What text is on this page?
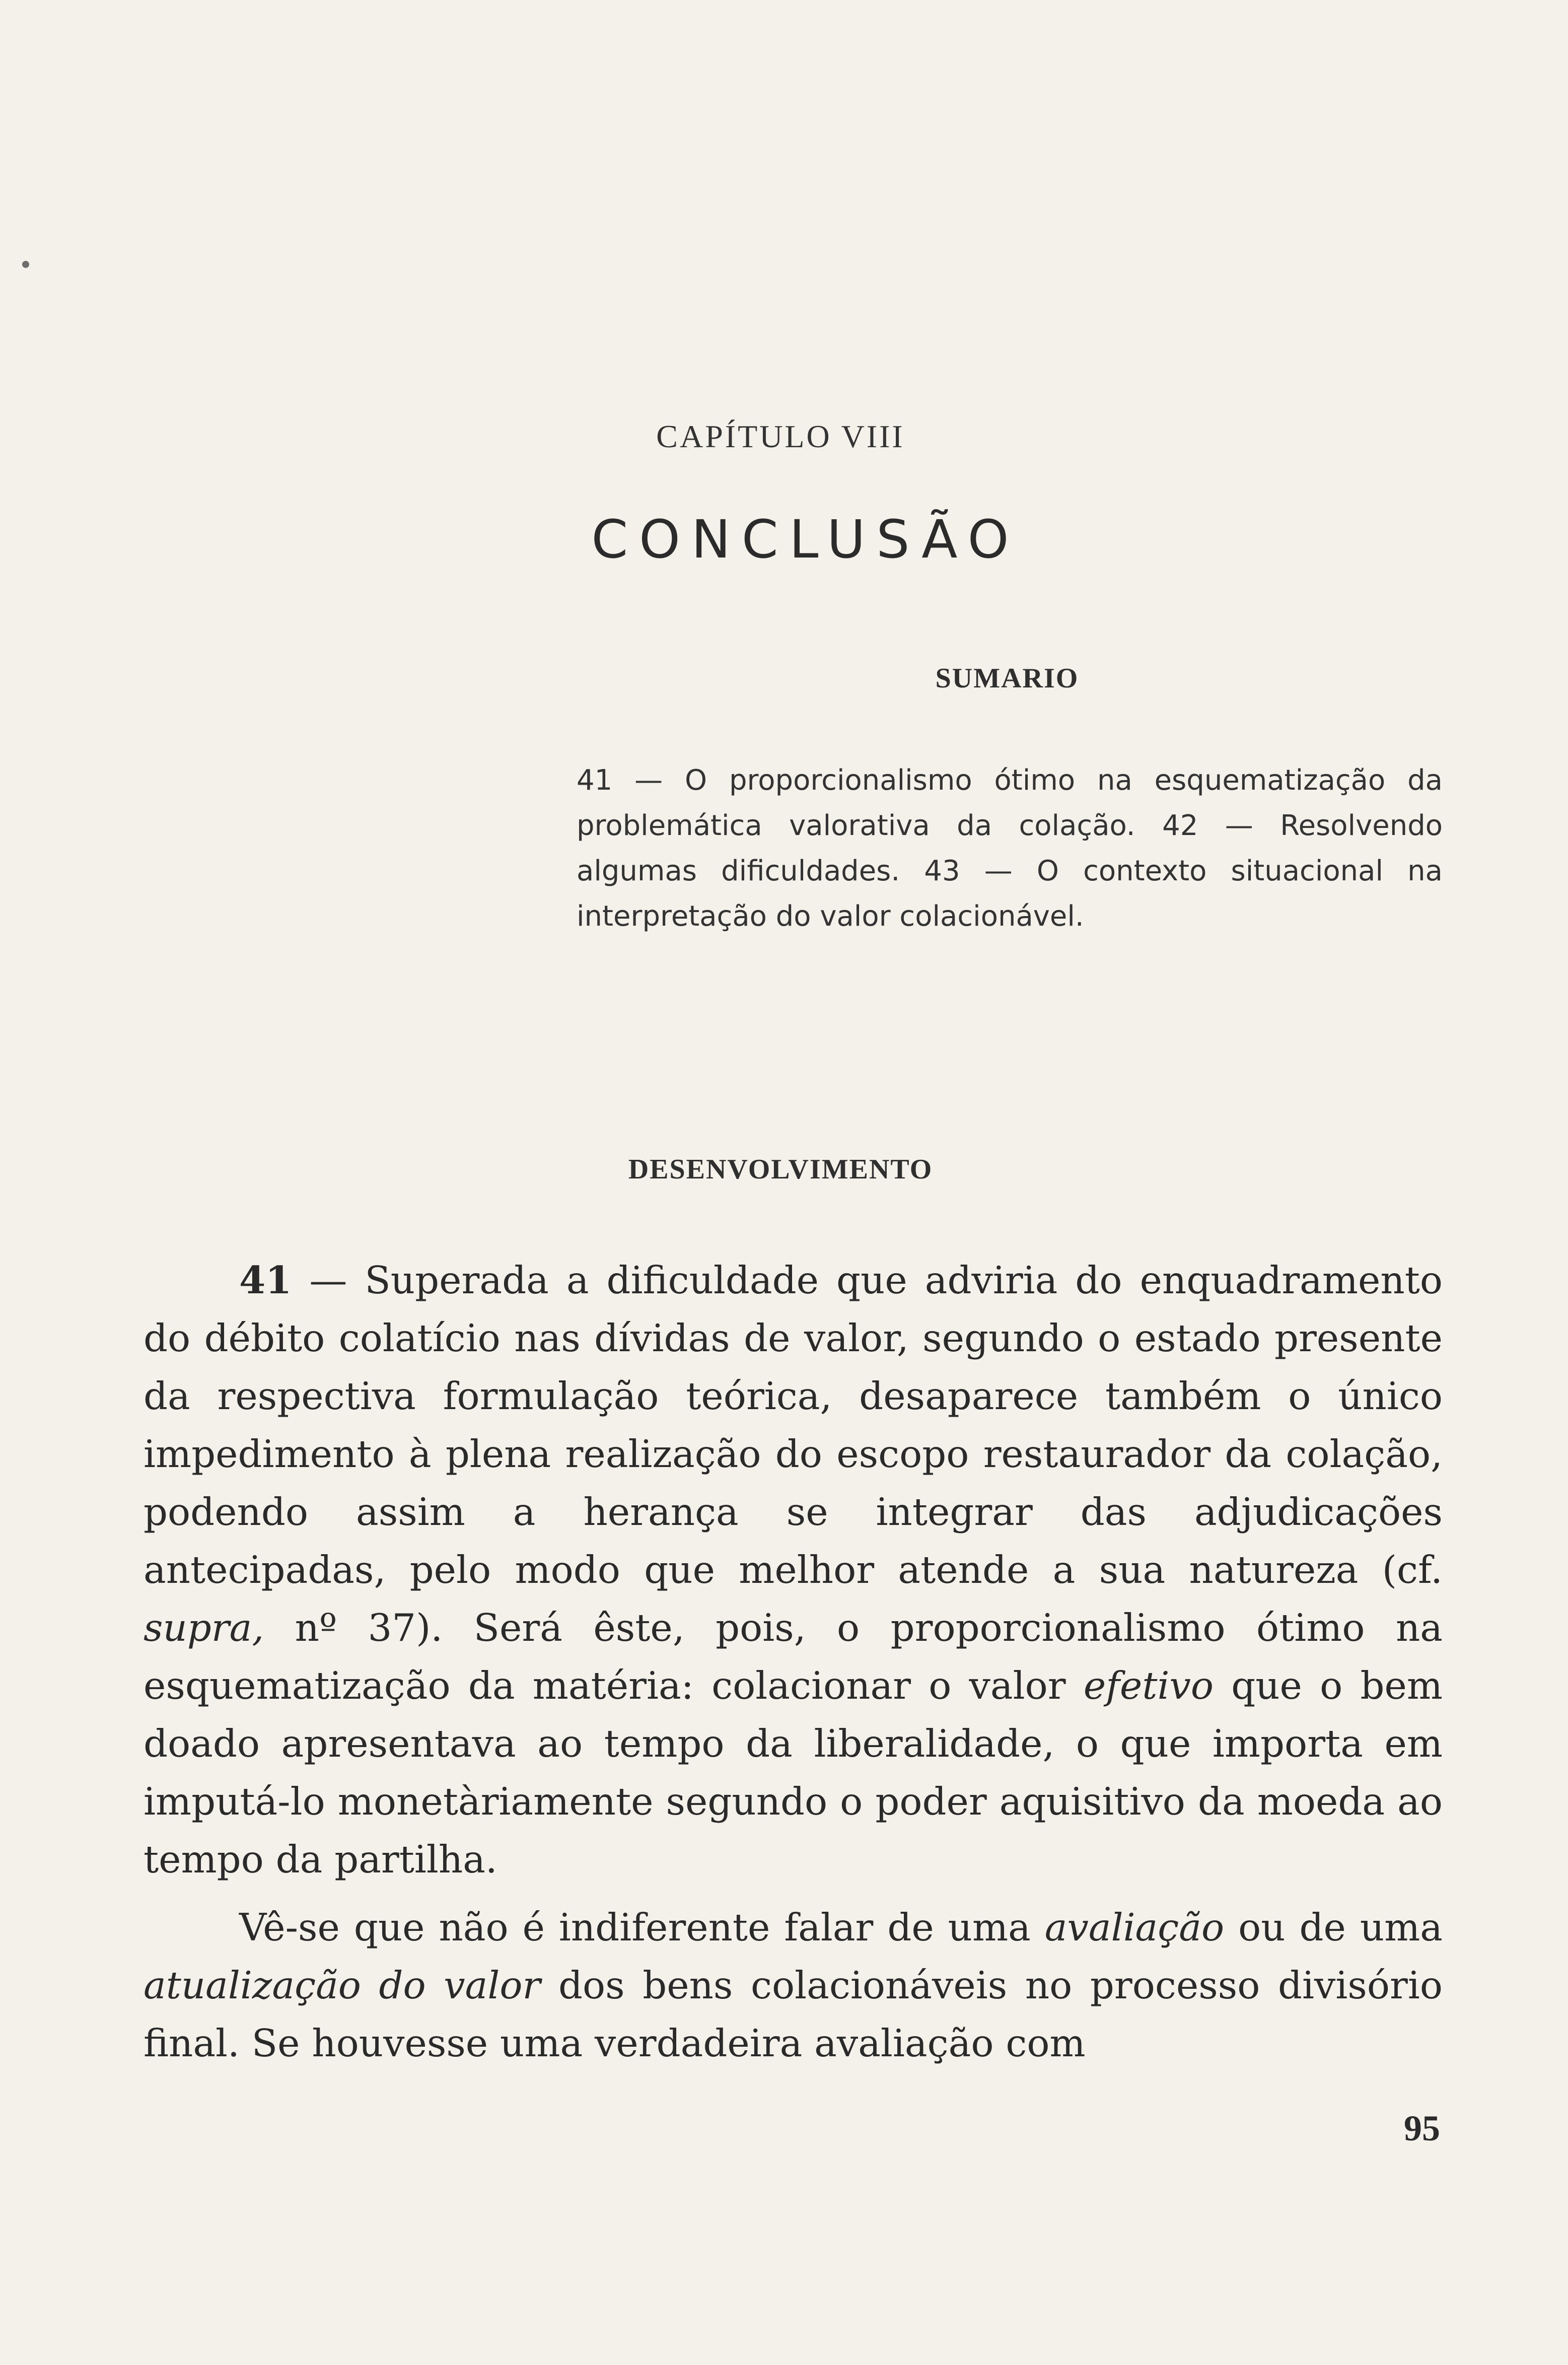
CAPÍTULO VIII
CONCLUSÃO
SUMARIO
41 — O proporcionalismo ótimo na esquematização da problemática valorativa da colação. 42 — Resolvendo algumas dificuldades. 43 — O contexto situacional na interpretação do valor colacionável.
DESENVOLVIMENTO

41 — Superada a dificuldade que adviria do enquadramento do débito colatício nas dívidas de valor, segundo o estado presente da respectiva formulação teórica, desaparece também o único impedimento à plena realização do escopo restaurador da colação, podendo assim a herança se integrar das adjudicações antecipadas, pelo modo que melhor atende a sua natureza (cf. supra, nº 37). Será êste, pois, o proporcionalismo ótimo na esquematização da matéria: colacionar o valor efetivo que o bem doado apresentava ao tempo da liberalidade, o que importa em imputá-lo monetàriamente segundo o poder aquisitivo da moeda ao tempo da partilha.

Vê-se que não é indiferente falar de uma avaliação ou de uma atualização do valor dos bens colacionáveis no processo divisório final. Se houvesse uma verdadeira avaliação com

95
